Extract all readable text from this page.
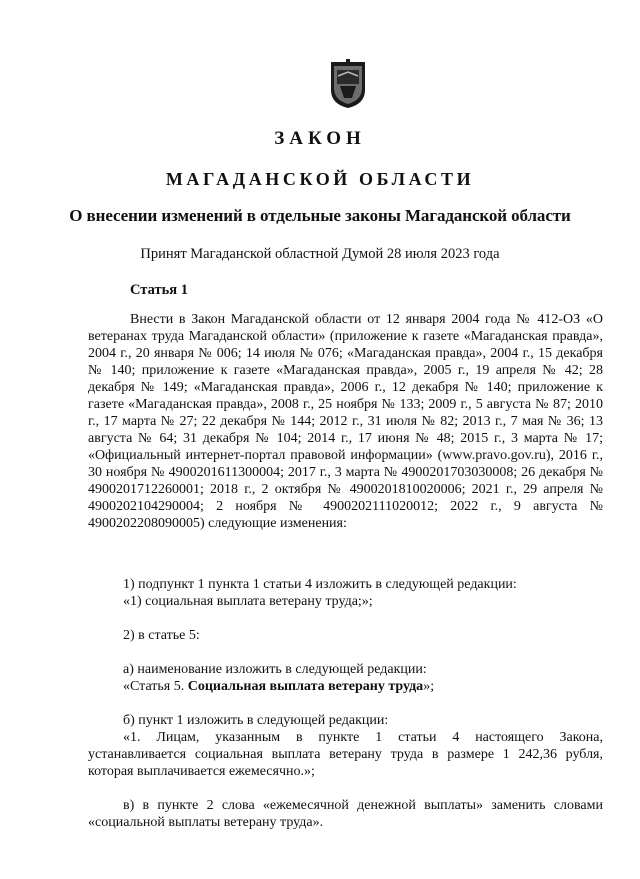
ЗАКОН
МАГАДАНСКОЙ ОБЛАСТИ
О внесении изменений в отдельные законы Магаданской области
Принят Магаданской областной Думой 28 июля 2023 года
Статья 1
Внести в Закон Магаданской области от 12 января 2004 года № 412-ОЗ «О ветеранах труда Магаданской области» (приложение к газете «Магаданская правда», 2004 г., 20 января № 006; 14 июля № 076; «Магаданская правда», 2004 г., 15 декабря № 140; приложение к газете «Магаданская правда», 2005 г., 19 апреля № 42; 28 декабря № 149; «Магаданская правда», 2006 г., 12 декабря № 140; приложение к газете «Магаданская правда», 2008 г., 25 ноября № 133; 2009 г., 5 августа № 87; 2010 г., 17 марта № 27; 22 декабря № 144; 2012 г., 31 июля № 82; 2013 г., 7 мая № 36; 13 августа № 64; 31 декабря № 104; 2014 г., 17 июня № 48; 2015 г., 3 марта № 17; «Официальный интернет-портал правовой информации» (www.pravo.gov.ru), 2016 г., 30 ноября № 4900201611300004; 2017 г., 3 марта № 4900201703030008; 26 декабря № 4900201712260001; 2018 г., 2 октября № 4900201810020006; 2021 г., 29 апреля № 4900202104290004; 2 ноября № 4900202111020012; 2022 г., 9 августа № 4900202208090005) следующие изменения:
1) подпункт 1 пункта 1 статьи 4 изложить в следующей редакции:
«1) социальная выплата ветерану труда;»;
2) в статье 5:
а) наименование изложить в следующей редакции:
«Статья 5. Социальная выплата ветерану труда»;
б) пункт 1 изложить в следующей редакции:
«1. Лицам, указанным в пункте 1 статьи 4 настоящего Закона,
устанавливается социальная выплата ветерану труда в размере 1 242,36 рубля, которая выплачивается ежемесячно.»;
в) в пункте 2 слова «ежемесячной денежной выплаты» заменить словами
«социальной выплаты ветерану труда».
